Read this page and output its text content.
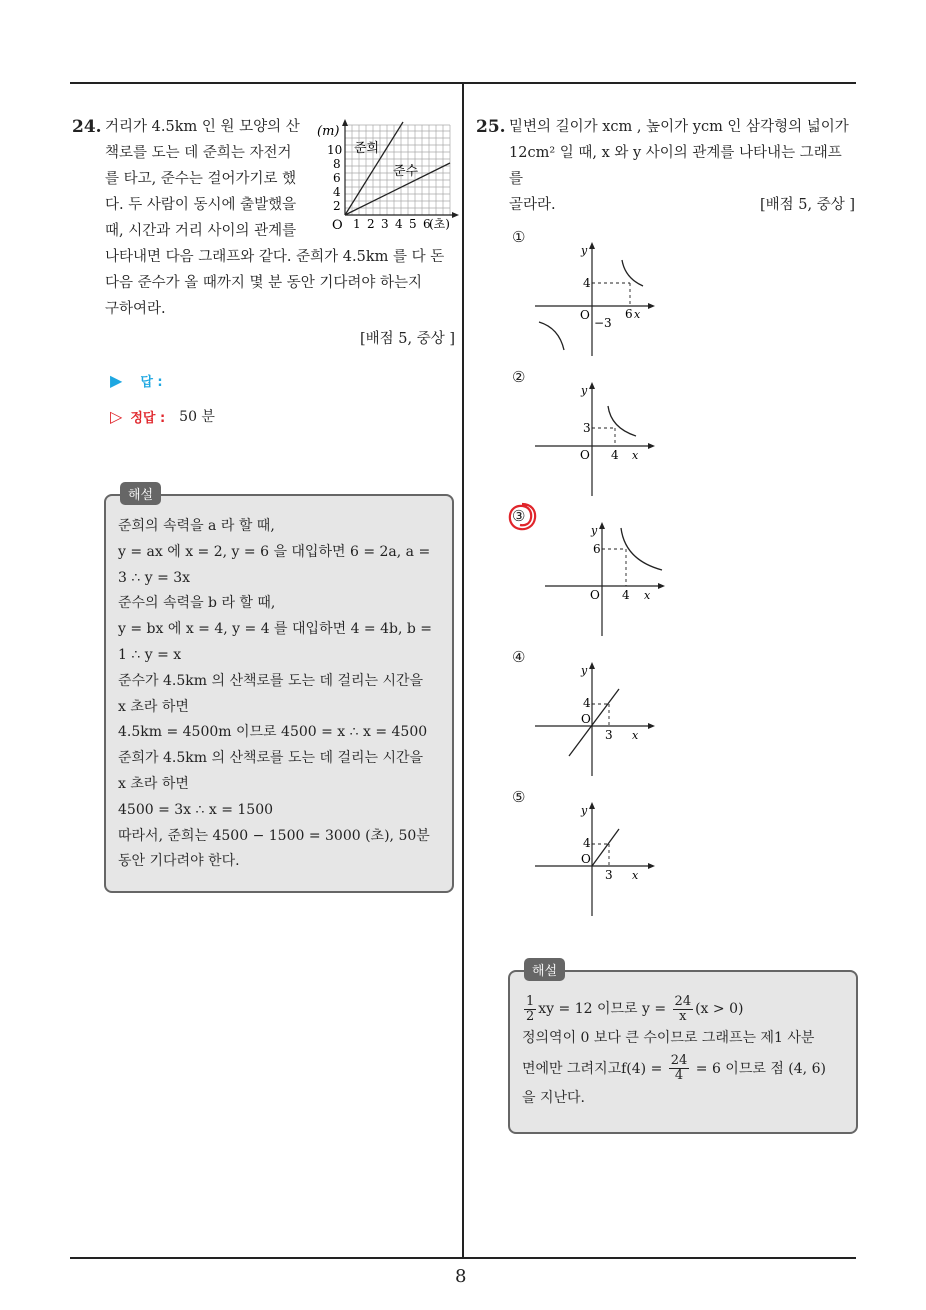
8
24. 거리가 4.5km 인 원 모양의 산
책로를 도는 데 준희는 자전거
를 타고, 준수는 걸어가기로 했
다. 두 사람이 동시에 출발했을
때, 시간과 거리 사이의 관계를
나타내면 다음 그래프와 같다. 준희가 4.5km 를 다 돈
다음 준수가 올 때까지 몇 분 동안 기다려야 하는지
구하여라.
[배점 5, 중상 ]
(m)
10
8
6
4
2
O 1 2 3 4 5 6
(초)
준희
준수
▶ 답 :
▷ 정답 : 50 분
해설
준희의 속력을 a 라 할 때,
y = ax 에 x = 2, y = 6 을 대입하면 6 = 2a, a =
3 ∴ y = 3x
준수의 속력을 b 라 할 때,
y = bx 에 x = 4, y = 4 를 대입하면 4 = 4b, b =
1 ∴ y = x
준수가 4.5km 의 산책로를 도는 데 걸리는 시간을
x 초라 하면
4.5km = 4500m 이므로 4500 = x ∴ x = 4500
준희가 4.5km 의 산책로를 도는 데 걸리는 시간을
x 초라 하면
4500 = 3x ∴ x = 1500
따라서, 준희는 4500 − 1500 = 3000 (초), 50분
동안 기다려야 한다.
25. 밑변의 길이가 xcm , 높이가 ycm 인 삼각형의 넓이가
12cm² 일 때, x 와 y 사이의 관계를 나타내는 그래프를
골라라.	[배점 5, 중상 ]
①
y
4
O	6 x
−3
②
y
3
O 4 x
③
y
6
O 4 x
④
y
4
O
3 x
⑤
y
4
O
3 x
해설
$\frac{1}{2}$ xy = 12 이므로 $y = \frac{24}{x} (x > 0)$
정의역이 0 보다 큰 수이므로 그래프는 제1 사분
면에만 그려지고$f(4) = \frac{24}{4} = 6$ 이므로 점 (4, 6)
을 지난다.
